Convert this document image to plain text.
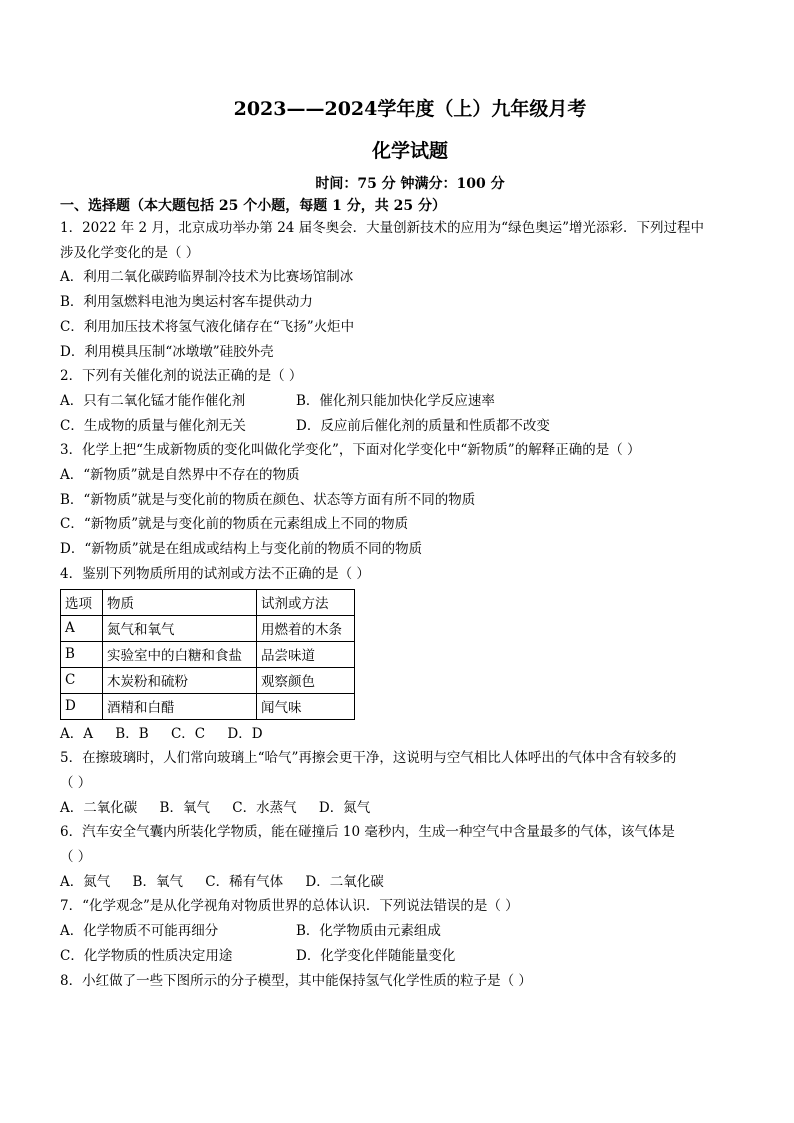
2023——2024学年度（上）九年级月考
化学试题
时间：75 分 钟满分：100 分
一、选择题（本大题包括 25 个小题，每题 1 分，共 25 分）
1．2022 年 2 月，北京成功举办第 24 届冬奥会．大量创新技术的应用为“绿色奥运”增光添彩．下列过程中
涉及化学变化的是（ ）
A．利用二氧化碳跨临界制冷技术为比赛场馆制冰
B．利用氢燃料电池为奥运村客车提供动力
C．利用加压技术将氢气液化储存在“飞扬”火炬中
D．利用模具压制“冰墩墩”硅胶外壳
2．下列有关催化剂的说法正确的是（ ）
A．只有二氧化锰才能作催化剂	B．催化剂只能加快化学反应速率
C．生成物的质量与催化剂无关	D．反应前后催化剂的质量和性质都不改变
3．化学上把“生成新物质的变化叫做化学变化”，下面对化学变化中“新物质”的解释正确的是（ ）
A．“新物质”就是自然界中不存在的物质
B．“新物质”就是与变化前的物质在颜色、状态等方面有所不同的物质
C．“新物质”就是与变化前的物质在元素组成上不同的物质
D．“新物质”就是在组成或结构上与变化前的物质不同的物质
4．鉴别下列物质所用的试剂或方法不正确的是（ ）
选项	物质	试剂或方法
A	氮气和氧气	用燃着的木条
B	实验室中的白糖和食盐	品尝味道
C	木炭粉和硫粉	观察颜色
D	酒精和白醋	闻气味
A．A B．B C．C D．D
5．在擦玻璃时，人们常向玻璃上“哈气”再擦会更干净，这说明与空气相比人体呼出的气体中含有较多的
（ ）
A．二氧化碳 B．氧气 C．水蒸气 D．氮气
6．汽车安全气囊内所装化学物质，能在碰撞后 10 毫秒内，生成一种空气中含量最多的气体，该气体是
（ ）
A．氮气 B．氧气 C．稀有气体 D．二氧化碳
7．“化学观念”是从化学视角对物质世界的总体认识．下列说法错误的是（ ）
A．化学物质不可能再细分	B．化学物质由元素组成
C．化学物质的性质决定用途	D．化学变化伴随能量变化
8．小红做了一些下图所示的分子模型，其中能保持氢气化学性质的粒子是（ ）
